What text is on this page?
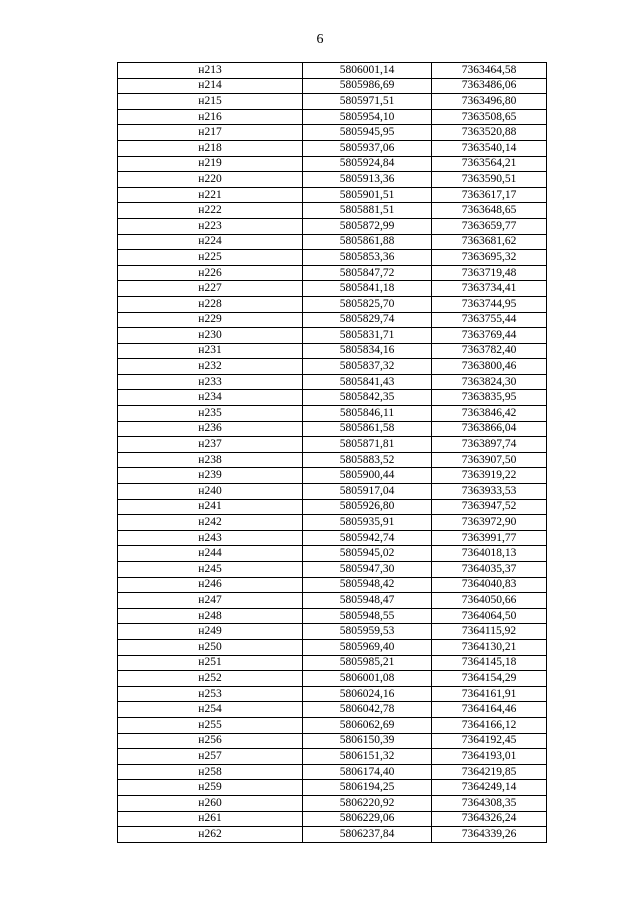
6
н213	5806001,14	7363464,58
н214	5805986,69	7363486,06
н215	5805971,51	7363496,80
н216	5805954,10	7363508,65
н217	5805945,95	7363520,88
н218	5805937,06	7363540,14
н219	5805924,84	7363564,21
н220	5805913,36	7363590,51
н221	5805901,51	7363617,17
н222	5805881,51	7363648,65
н223	5805872,99	7363659,77
н224	5805861,88	7363681,62
н225	5805853,36	7363695,32
н226	5805847,72	7363719,48
н227	5805841,18	7363734,41
н228	5805825,70	7363744,95
н229	5805829,74	7363755,44
н230	5805831,71	7363769,44
н231	5805834,16	7363782,40
н232	5805837,32	7363800,46
н233	5805841,43	7363824,30
н234	5805842,35	7363835,95
н235	5805846,11	7363846,42
н236	5805861,58	7363866,04
н237	5805871,81	7363897,74
н238	5805883,52	7363907,50
н239	5805900,44	7363919,22
н240	5805917,04	7363933,53
н241	5805926,80	7363947,52
н242	5805935,91	7363972,90
н243	5805942,74	7363991,77
н244	5805945,02	7364018,13
н245	5805947,30	7364035,37
н246	5805948,42	7364040,83
н247	5805948,47	7364050,66
н248	5805948,55	7364064,50
н249	5805959,53	7364115,92
н250	5805969,40	7364130,21
н251	5805985,21	7364145,18
н252	5806001,08	7364154,29
н253	5806024,16	7364161,91
н254	5806042,78	7364164,46
н255	5806062,69	7364166,12
н256	5806150,39	7364192,45
н257	5806151,32	7364193,01
н258	5806174,40	7364219,85
н259	5806194,25	7364249,14
н260	5806220,92	7364308,35
н261	5806229,06	7364326,24
н262	5806237,84	7364339,26
